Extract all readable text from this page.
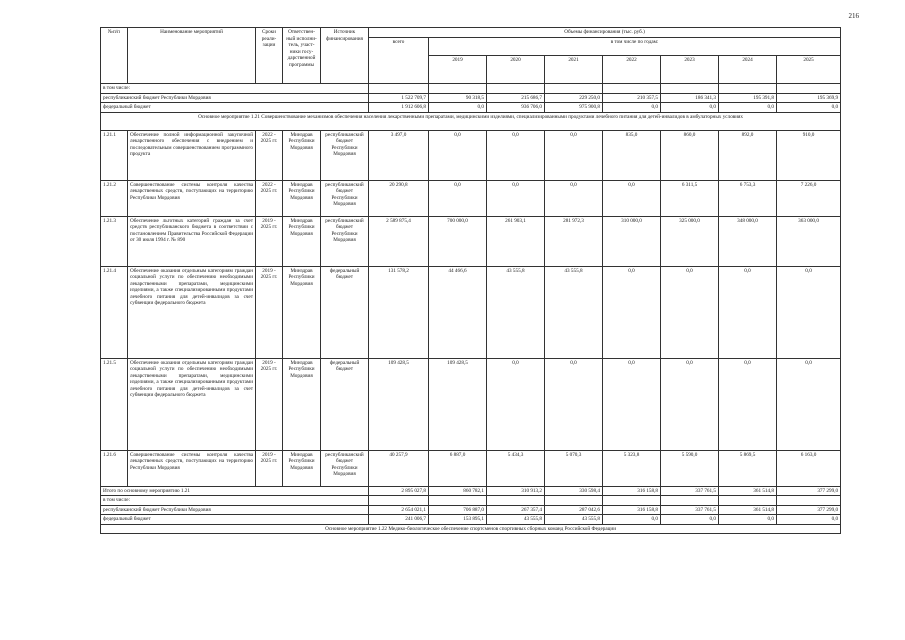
216
№п/п	Наименование мероприятий	Сроки реали-зации	Ответствен-ный исполни-тель, участ-ники госу-дарственной программы	Источник финансирования	Объемы финансирования (тыс. руб.)							
					всего	в том числе по годам:						
						2019	2020	2021	2022	2023	2024	2025
в том числе:												
республиканский бюджет Республики Мордовия					1 522 709,7	90 318,5	215 686,7	229 250,0	210 357,5	186 341,3	195 391,8	195 369,9
федеральный бюджет					1 912 606,8	0,0	936 706,0	975 900,8	0,0	0,0	0,0	0,0
Основное мероприятие 1.21 Совершенствование механизмов обеспечения населения лекарственными препаратами, медицинскими изделиями, специализированными продуктами лечебного питания для детей-инвалидов в амбулаторных условиях												
1.21.1	Обеспечение полной информационной закупочной лекарственного обеспечения с внедрением и последовательным совершенствованием программного продукта	2022 - 2025 гг.	Минздрав Республики Мордовия	республиканский бюджет Республики Мордовия	3 497,0	0,0	0,0	0,0	835,0	860,0	892,0	910,0
1.21.2	Совершенствование системы контроля качества лекарственных средств, поступающих на территорию Республики Мордовия	2022 - 2025 гг.	Минздрав Республики Мордовия	республиканский бюджет Республики Мордовия	20 290,8	0,0	0,0	0,0	0,0	6 311,5	6 753,3	7 226,0
1.21.3	Обеспечение льготных категорий граждан за счет средств республиканского бюджета в соответствии с постановлением Правительства Российской Федерации от 30 июля 1994 г. № 890	2019 - 2025 гг.	Минздрав Республики Мордовия	республиканский бюджет Республики Мордовия	2 589 875,4	700 000,0	261 903,1	281 972,3	310 000,0	325 000,0	348 000,0	363 000,0
1.21.4	Обеспечение оказания отдельным категориям граждан социальной услуги по обеспечению необходимыми лекарственными препаратами, медицинскими изделиями, а также специализированными продуктами лечебного питания для детей-инвалидов за счет субвенции федерального бюджета	2019 - 2025 гг.	Минздрав Республики Мордовия	федеральный бюджет	131 578,2	44 466,6	43 555,8	43 555,8	0,0	0,0	0,0	0,0
1.21.5	Обеспечение оказания отдельным категориям граждан социальной услуги по обеспечению необходимыми лекарственными препаратами, медицинскими изделиями, а также специализированными продуктами лечебного питания для детей-инвалидов за счет субвенции федерального бюджета	2019 - 2025 гг.	Минздрав Республики Мордовия	федеральный бюджет	109 428,5	109 428,5	0,0	0,0	0,0	0,0	0,0	0,0
1.21.6	Совершенствование системы контроля качества лекарственных средств, поступающих на территорию Республики Мордовия	2019 - 2025 гг.	Минздрав Республики Мордовия	республиканский бюджет Республики Мордовия	40 257,9	6 887,0	5 434,3	5 070,3	5 323,8	5 590,0	5 869,5	6 163,0
Итого по основному мероприятию 1.21					2 895 027,8	860 782,1	310 913,2	330 598,4	316 158,8	337 761,5	361 514,8	377 299,0
в том числе:												
республиканский бюджет Республики Мордовия					2 654 021,1	706 887,0	267 357,4	287 042,6	316 158,8	337 761,5	361 514,8	377 299,0
федеральный бюджет					241 006,7	153 895,1	43 555,8	43 555,8	0,0	0,0	0,0	0,0
Основное мероприятие 1.22 Медико-биологическое обеспечение спортсменов спортивных сборных команд Российской Федерации												
